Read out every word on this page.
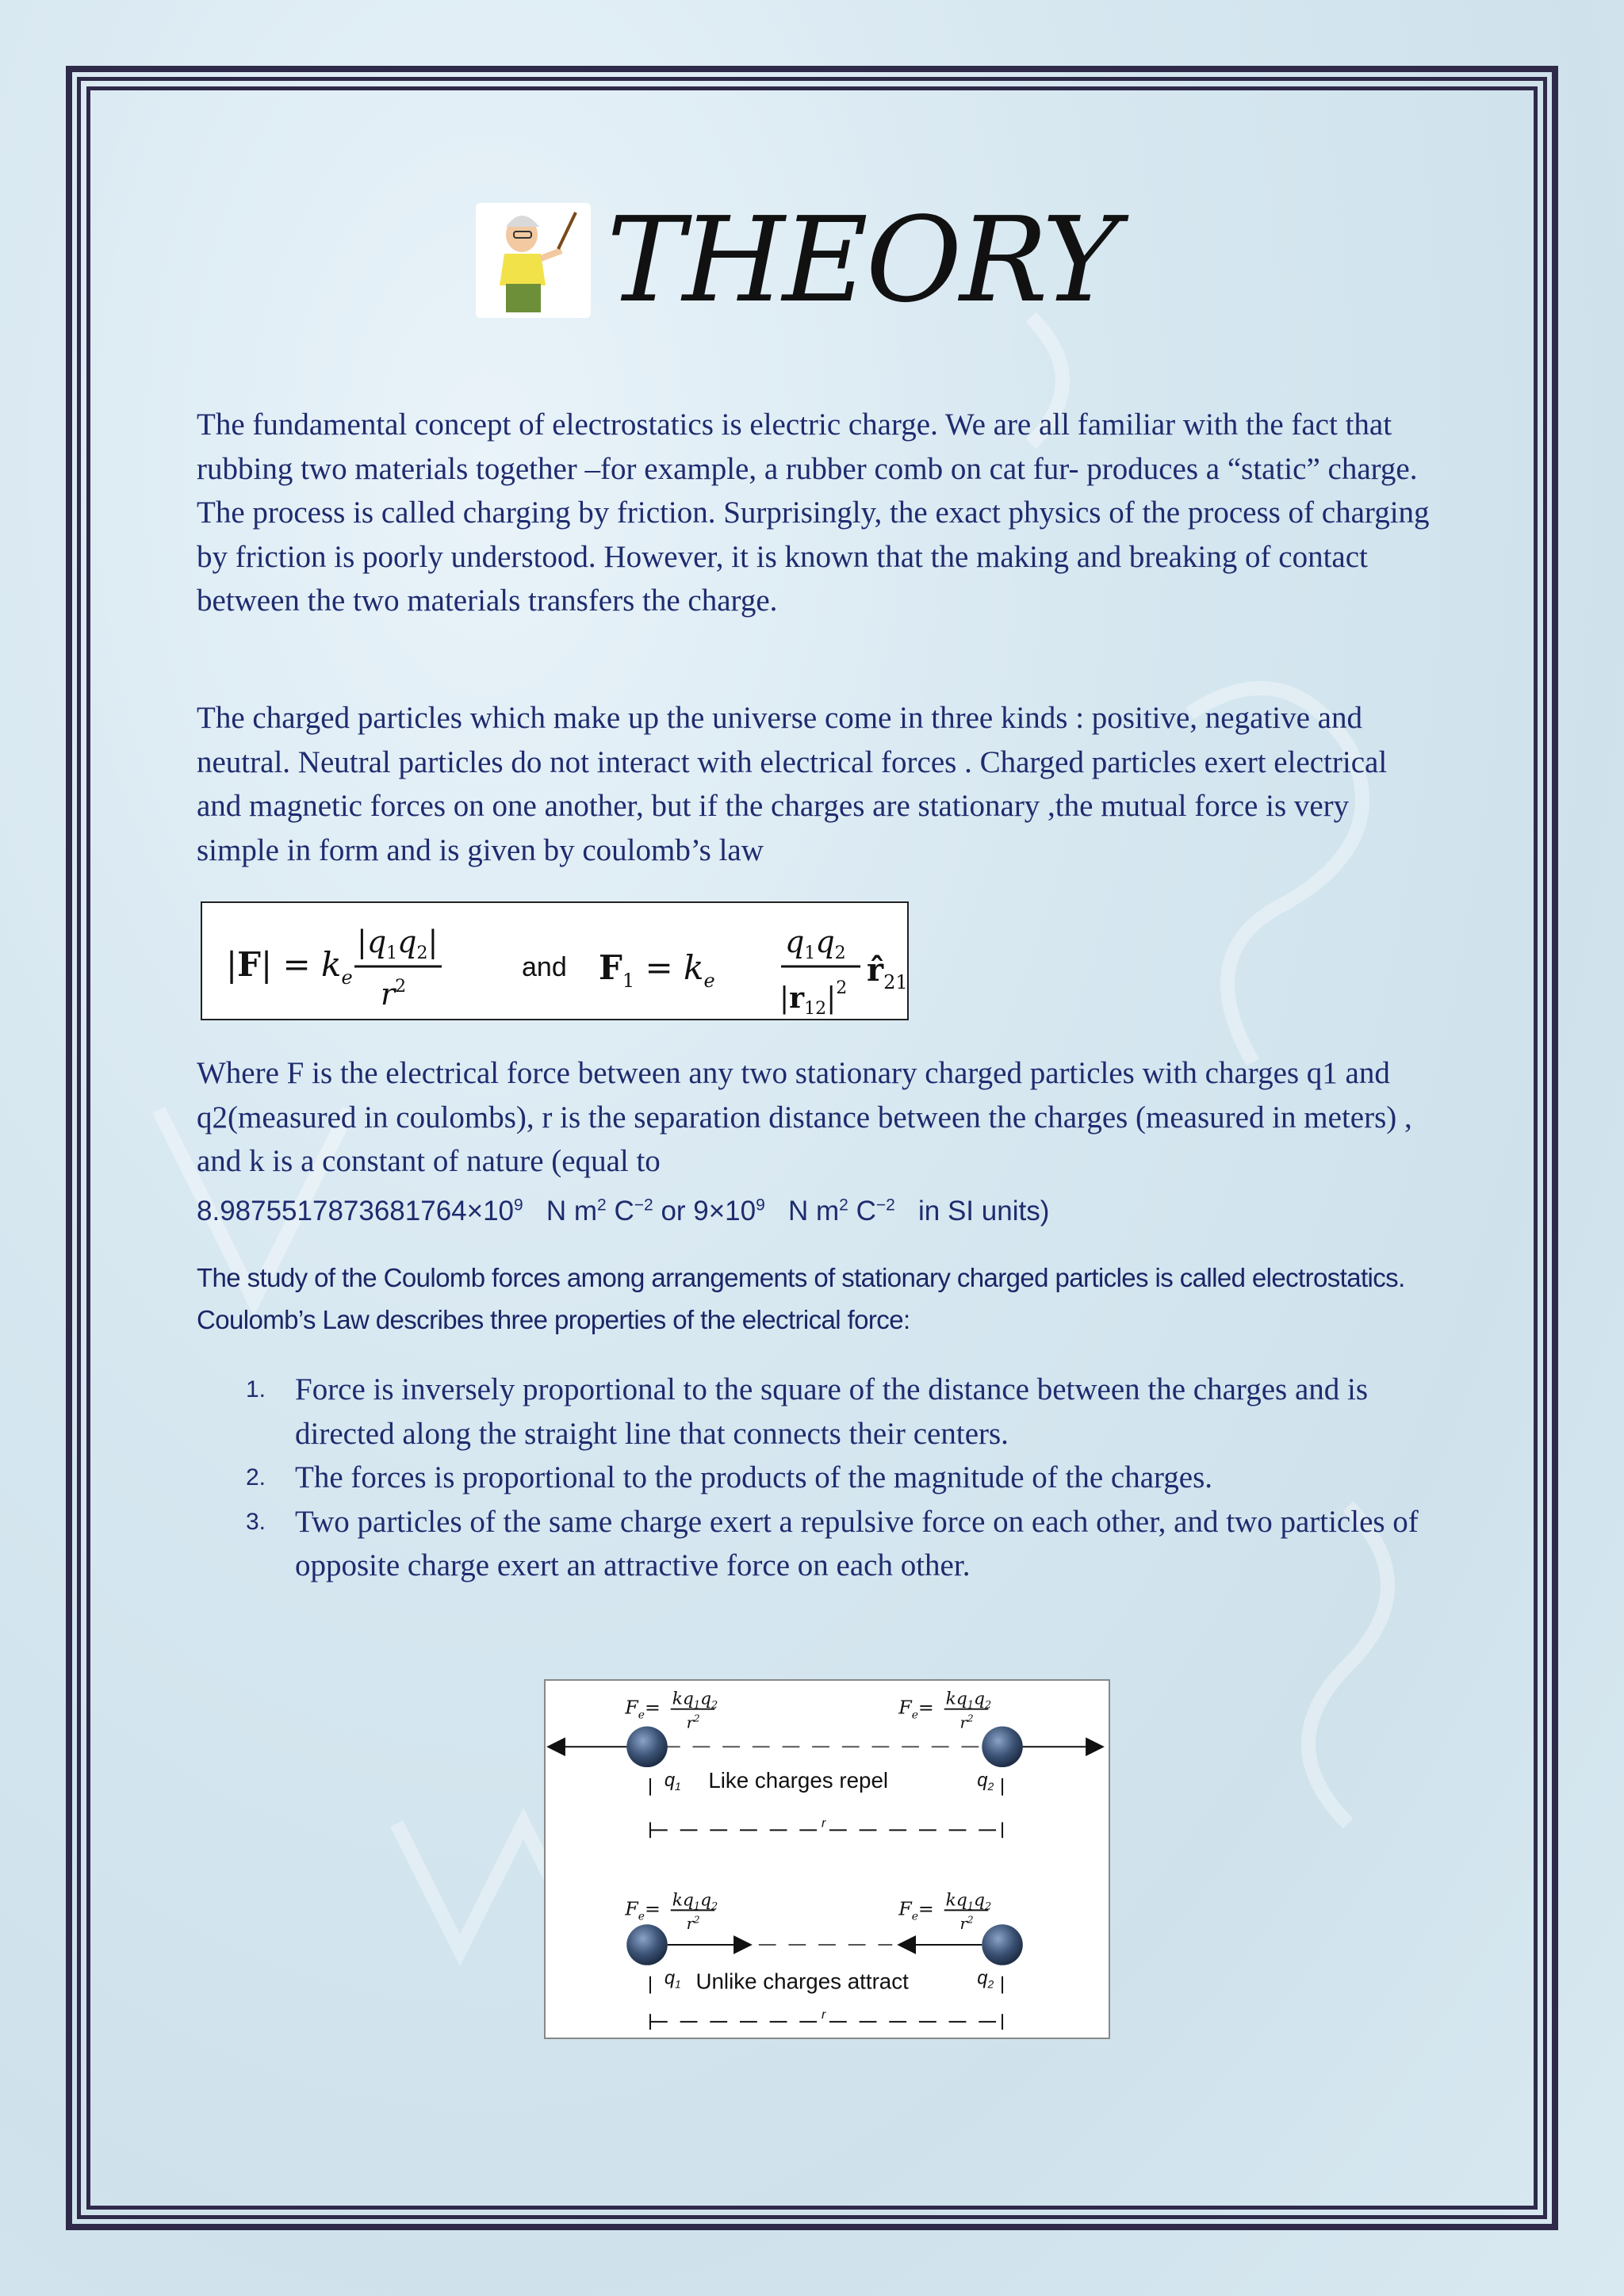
THEORY

The fundamental concept of electrostatics is electric charge. We are all familiar with the fact that rubbing two materials together –for example, a rubber comb on cat fur- produces a “static” charge. The process is called charging by friction. Surprisingly, the exact physics of the process of charging by friction is poorly understood. However, it is known that the making and breaking of contact between the two materials transfers the charge.

The charged particles which make up the universe come in three kinds : positive, negative and neutral. Neutral particles do not interact with electrical forces . Charged particles exert electrical and magnetic forces on one another, but if the charges are stationary ,the mutual force is very simple in form and is given by coulomb’s law

$|F| = k_e$
$|q_1q_2|$
$r^2$	$F_1 = k_e$
$q_1q_2$
$|r_{12}|^2$ $r̂_{21}$
and

Where F is the electrical force between any two stationary charged particles with charges q1 and q2(measured in coulombs), r is the separation distance between the charges (measured in meters) , and k is a constant of nature (equal to
$8.9875517873681764\times 10^9$ N $m^2$ $C^{-2}$ or $9\times 10^9$ N $m^2$ $C^{-2}$ in SI units)

The study of the Coulomb forces among arrangements of stationary charged particles is called electrostatics. Coulomb’s Law describes three properties of the electrical force:

1. Force is inversely proportional to the square of the distance between the charges and is directed along the straight line that connects their centers.
2. The forces is proportional to the products of the magnitude of the charges.
3. Two particles of the same charge exert a repulsive force on each other, and two particles of opposite charge exert an attractive force on each other.
$F_e= kq_1q_2$
$r^2$	$F_e= kq_1q_2$
$r^2$
$q_1$	$q_2$
Like charges repel
r
$F_e= kq_1q_2$
$r^2$	$F_e= kq_1q_2$
$r^2$
$q_1$	$q_2$
Unlike charges attract
r
